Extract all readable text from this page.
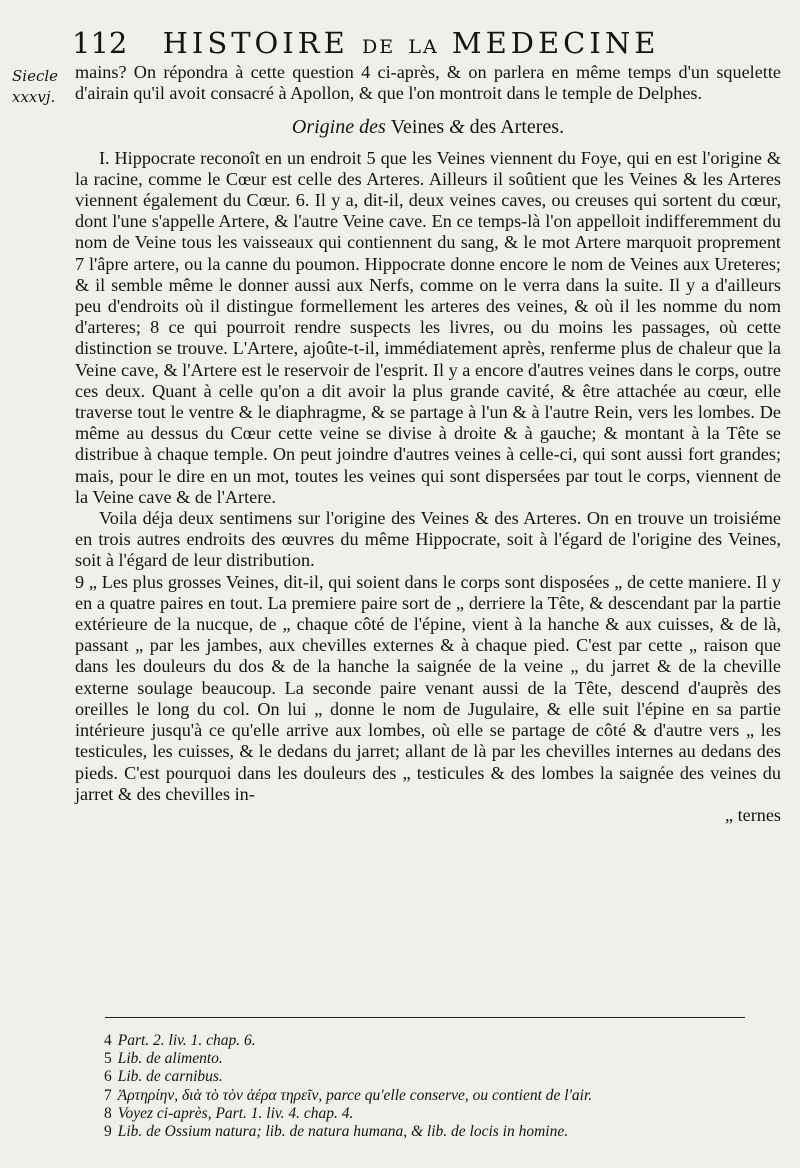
112 HISTOIRE DE LA MEDECINE
Siecle
xxxvj.

mains? On répondra à cette question 4 ci-après, & on parlera en même temps d'un squelette d'airain qu'il avoit consacré à Apollon, & que l'on montroit dans le temple de Delphes.

Origine des Veines & des Arteres.

I. Hippocrate reconoît en un endroit 5 que les Veines viennent du Foye, qui en est l'origine & la racine, comme le Cœur est celle des Arteres. Ailleurs il soûtient que les Veines & les Arteres viennent également du Cœur. 6. Il y a, dit-il, deux veines caves, ou creuses qui sortent du cœur, dont l'une s'appelle Artere, & l'autre Veine cave. En ce temps-là l'on appelloit indifferemment du nom de Veine tous les vaisseaux qui contiennent du sang, & le mot Artere marquoit proprement 7 l'âpre artere, ou la canne du poumon. Hippocrate donne encore le nom de Veines aux Ureteres; & il semble même le donner aussi aux Nerfs, comme on le verra dans la suite. Il y a d'ailleurs peu d'endroits où il distingue formellement les arteres des veines, & où il les nomme du nom d'arteres; 8 ce qui pourroit rendre suspects les livres, ou du moins les passages, où cette distinction se trouve. L'Artere, ajoûte-t-il, immédiatement après, renferme plus de chaleur que la Veine cave, & l'Artere est le reservoir de l'esprit. Il y a encore d'autres veines dans le corps, outre ces deux. Quant à celle qu'on a dit avoir la plus grande cavité, & être attachée au cœur, elle traverse tout le ventre & le diaphragme, & se partage à l'un & à l'autre Rein, vers les lombes. De même au dessus du Cœur cette veine se divise à droite & à gauche; & montant à la Tête se distribue à chaque temple. On peut joindre d'autres veines à celle-ci, qui sont aussi fort grandes; mais, pour le dire en un mot, toutes les veines qui sont dispersées par tout le corps, viennent de la Veine cave & de l'Artere.

Voila déja deux sentimens sur l'origine des Veines & des Arteres. On en trouve un troisiéme en trois autres endroits des œuvres du même Hippocrate, soit à l'égard de l'origine des Veines, soit à l'égard de leur distribution.

9 „ Les plus grosses Veines, dit-il, qui soient dans le corps sont disposées „ de cette maniere. Il y en a quatre paires en tout. La premiere paire sort de „ derriere la Tête, & descendant par la partie extérieure de la nucque, de „ chaque côté de l'épine, vient à la hanche & aux cuisses, & de là, passant „ par les jambes, aux chevilles externes & à chaque pied. C'est par cette „ raison que dans les douleurs du dos & de la hanche la saignée de la veine „ du jarret & de la cheville externe soulage beaucoup. La seconde paire venant aussi de la Tête, descend d'auprès des oreilles le long du col. On lui „ donne le nom de Jugulaire, & elle suit l'épine en sa partie intérieure jusqu'à ce qu'elle arrive aux lombes, où elle se partage de côté & d'autre vers „ les testicules, les cuisses, & le dedans du jarret; allant de là par les chevilles internes au dedans des pieds. C'est pourquoi dans les douleurs des „ testicules & des lombes la saignée des veines du jarret & des chevilles in-

„ ternes

4 Part. 2. liv. 1. chap. 6.
5 Lib. de alimento.
6 Lib. de carnibus.
7 Ἀρτηρίην, διὰ τὸ τὸν ἀέρα τηρεῖν, parce qu'elle conserve, ou contient de l'air.
8 Voyez ci-après, Part. 1. liv. 4. chap. 4.
9 Lib. de Ossium natura; lib. de natura humana, & lib. de locis in homine.
